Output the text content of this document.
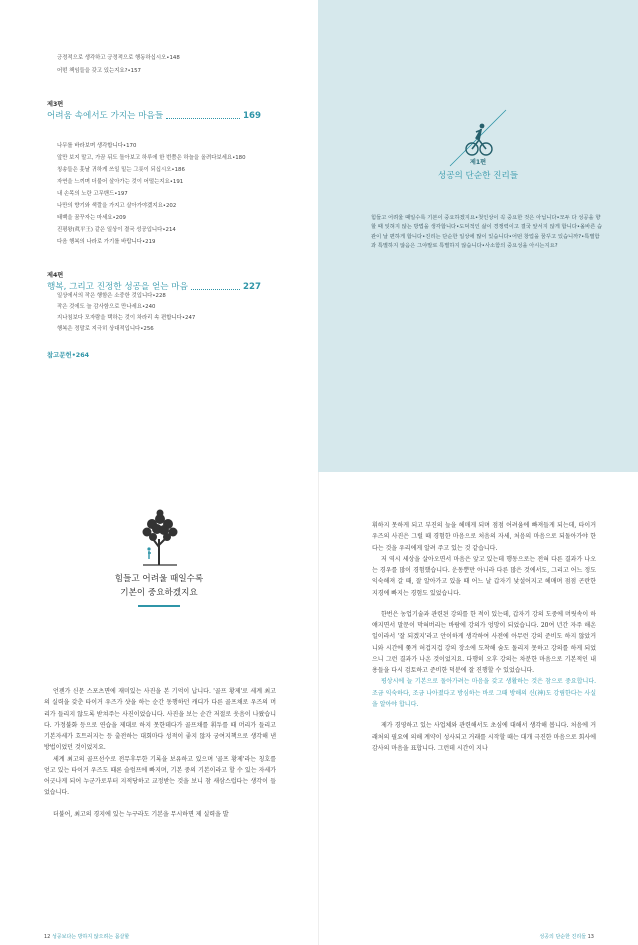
긍정적으로 생각하고 긍정적으로 행동하십시오•148
어떤 책임들을 갖고 있는지요?•157
제3편
어려움 속에서도 가지는 마음들	169
나무를 바라보며 생각합니다•170
앞만 보지 말고, 가끔 뒤도 돌아보고 하루에 한 번쯤은 하늘을 올려다보세요•180
칭송들은 훗날 귀하게 쓰일 밑는 그릇이 되십시오•186
자연을 느끼며 더불어 살아가는 것이 어떨는지요•191
내 손목의 노란 고무밴드•197
나만의 향기와 색깔을 가지고 살아가야겠지요•202
태백을 꿈꾸자는 마세요•209
진평왕(眞平王) 같은 일상이 결국 성공입니다•214
다음 행복의 나라로 가기를 바랍니다•219
제4편
행복, 그리고 진정한 성공을 얻는 마음	227
일상에서의 작은 행함은 소중한 것입니다•228
작은 것에도 늘 감사함으로 만나세요•240
지나침보다 모자람을 택하는 것이 차라리 속 편합니다•247
행복은 정말로 지극히 상대적입니다•256
참고문헌•264
제1편
성공의 단순한 진리들
힘들고 어려울 때일수록 기본이 중요하겠지요•첫인상이 꼭 중요한 것은 아닙니다•모두 다 성공을 향할 때 잊혀지 않는 방법을 생각합니다•도덕적인 삶이 경쟁력이고 결국 앞서지 않게 합니다•올바른 습관이 날 편하게 합니다•진리는 단순한 일상에 많이 있습니다•어떤 창업을 꿈꾸고 있습니까?•특별함과 특별하지 않음은 그야말로 특별하지 않습니다•사소함의 중요성을 아시는지요?
힘들고 어려울 때일수록
기본이 중요하겠지요

언젠가 신문 스포츠면에 재미있는 사진을 본 기억이 납니다. '골프 황제'로 세계 최고의 실력을 갖춘 타이거 우즈가 샷을 하는 순간 동행하던 캐디가 다른 골프채로 우즈의 머리가 들리지 않도록 받쳐주는 사진이었습니다. 사진을 보는 순간 저절로 웃음이 나왔습니다. 가정불화 등으로 연습을 제대로 하지 못한데다가 골프채를 휘두를 때 머리가 들리고 기본자세가 흐트러지는 등 출전하는 대회마다 성적이 좋지 않자 궁여지책으로 생각해 낸 방법이었던 것이었지요.

세계 최고의 골프선수로 전무후무한 기록을 보유하고 있으며 '골프 황제'라는 칭호를 얻고 있는 타이거 우즈도 때론 슬럼프에 빠지며, 기본 중의 기본이라고 할 수 있는 자세가 어긋나게 되어 누군가로부터 지적당하고 교정받는 것을 보니 참 새삼스럽다는 생각이 들었습니다.

더불어, 최고의 경지에 있는 누구라도 기본을 무시하면 제 실력을 발

12 성공보다는 방하지 않으려는 몸살할

휘하지 못하게 되고 부진의 늪을 헤매게 되며 점점 어려움에 빠져들게 되는데, 타이거 우즈의 사진은 그럴 때 경험한 마음으로 처음의 자세, 처음의 마음으로 되돌아가야 한다는 것을 우리에게 알려 주고 있는 것 같습니다.

저 역시 세상을 살아오면서 마음은 앞고 있는데 행동으로는 전혀 다른 결과가 나오는 경우를 많이 경험했습니다. 운동뿐만 아니라 다른 많은 것에서도, 그리고 어느 정도 익숙해져 갈 때, 잘 알아가고 있을 때 어느 날 갑자기 낯설어지고 헤매며 점점 곤란한 지경에 빠지는 경험도 있었습니다.

한번은 농업기술과 관련된 강의를 한 적이 있는데, 갑자기 강의 도중에 머릿속이 하얘지면서 말문이 막혀버리는 바람에 강의가 엉망이 되었습니다. 20여 년간 자주 해온 일이라서 '잘 되겠지'라고 안이하게 생각하여 사전에 아무런 강의 준비도 하지 않았거니와 시간에 쫓겨 허겁지겁 강의 장소에 도착해 숨도 돌리지 못하고 강의를 하게 되었으니 그런 결과가 나온 것이었지요. 다행히 오후 강의는 차분한 마음으로 기본적인 내용들을 다시 검토하고 준비한 덕분에 잘 진행할 수 있었습니다.

평상시에 늘 기본으로 돌아가려는 마음을 갖고 생활하는 것은 참으로 중요합니다. 조금 익숙하다, 조금 나아졌다고 방심하는 바로 그때 방해의 신(神)도 강림한다는 사실을 알아야 합니다.

제가 경영하고 있는 사업체와 관련해서도 초심에 대해서 생각해 봅니다. 처음에 거래처의 필요에 의해 계약이 성사되고 거래를 시작할 때는 대개 극진한 마음으로 회사에 감사의 마음을 표합니다. 그런데 시간이 지나

성공의 단순한 진리들 13
